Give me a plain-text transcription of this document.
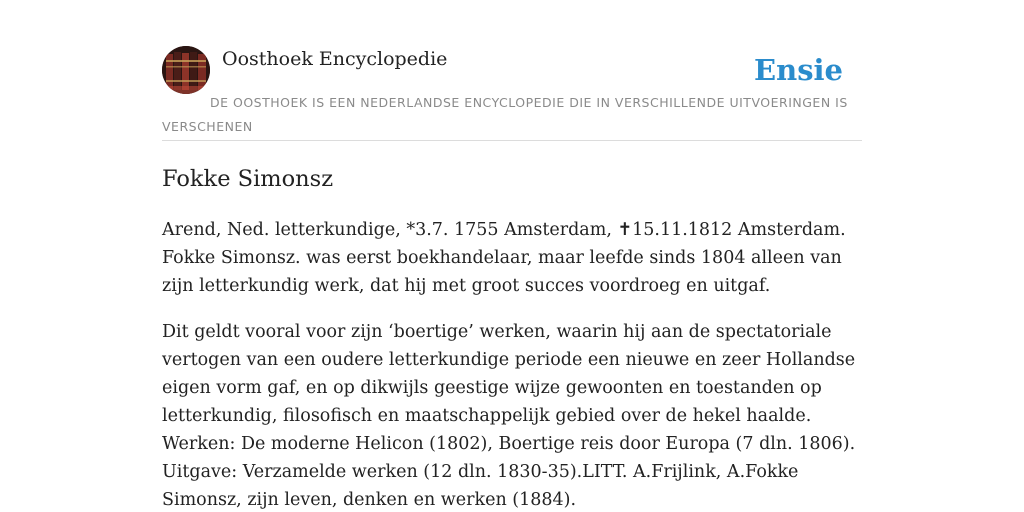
Oosthoek Encyclopedie	Ensie
DE OOSTHOEK IS EEN NEDERLANDSE ENCYCLOPEDIE DIE IN VERSCHILLENDE UITVOERINGEN IS VERSCHENEN
Fokke Simonsz

Arend, Ned. letterkundige, *3.7. 1755 Amsterdam, ✝15.11.1812 Amsterdam. Fokke Simonsz. was eerst boekhandelaar, maar leefde sinds 1804 alleen van zijn letterkundig werk, dat hij met groot succes voordroeg en uitgaf.

Dit geldt vooral voor zijn ‘boertige’ werken, waarin hij aan de spectatoriale vertogen van een oudere letterkundige periode een nieuwe en zeer Hollandse eigen vorm gaf, en op dikwijls geestige wijze gewoonten en toestanden op letterkundig, filosofisch en maatschappelijk gebied over de hekel haalde. Werken: De moderne Helicon (1802), Boertige reis door Europa (7 dln. 1806). Uitgave: Verzamelde werken (12 dln. 1830-35).LITT. A.Frijlink, A.Fokke Simonsz, zijn leven, denken en werken (1884).
